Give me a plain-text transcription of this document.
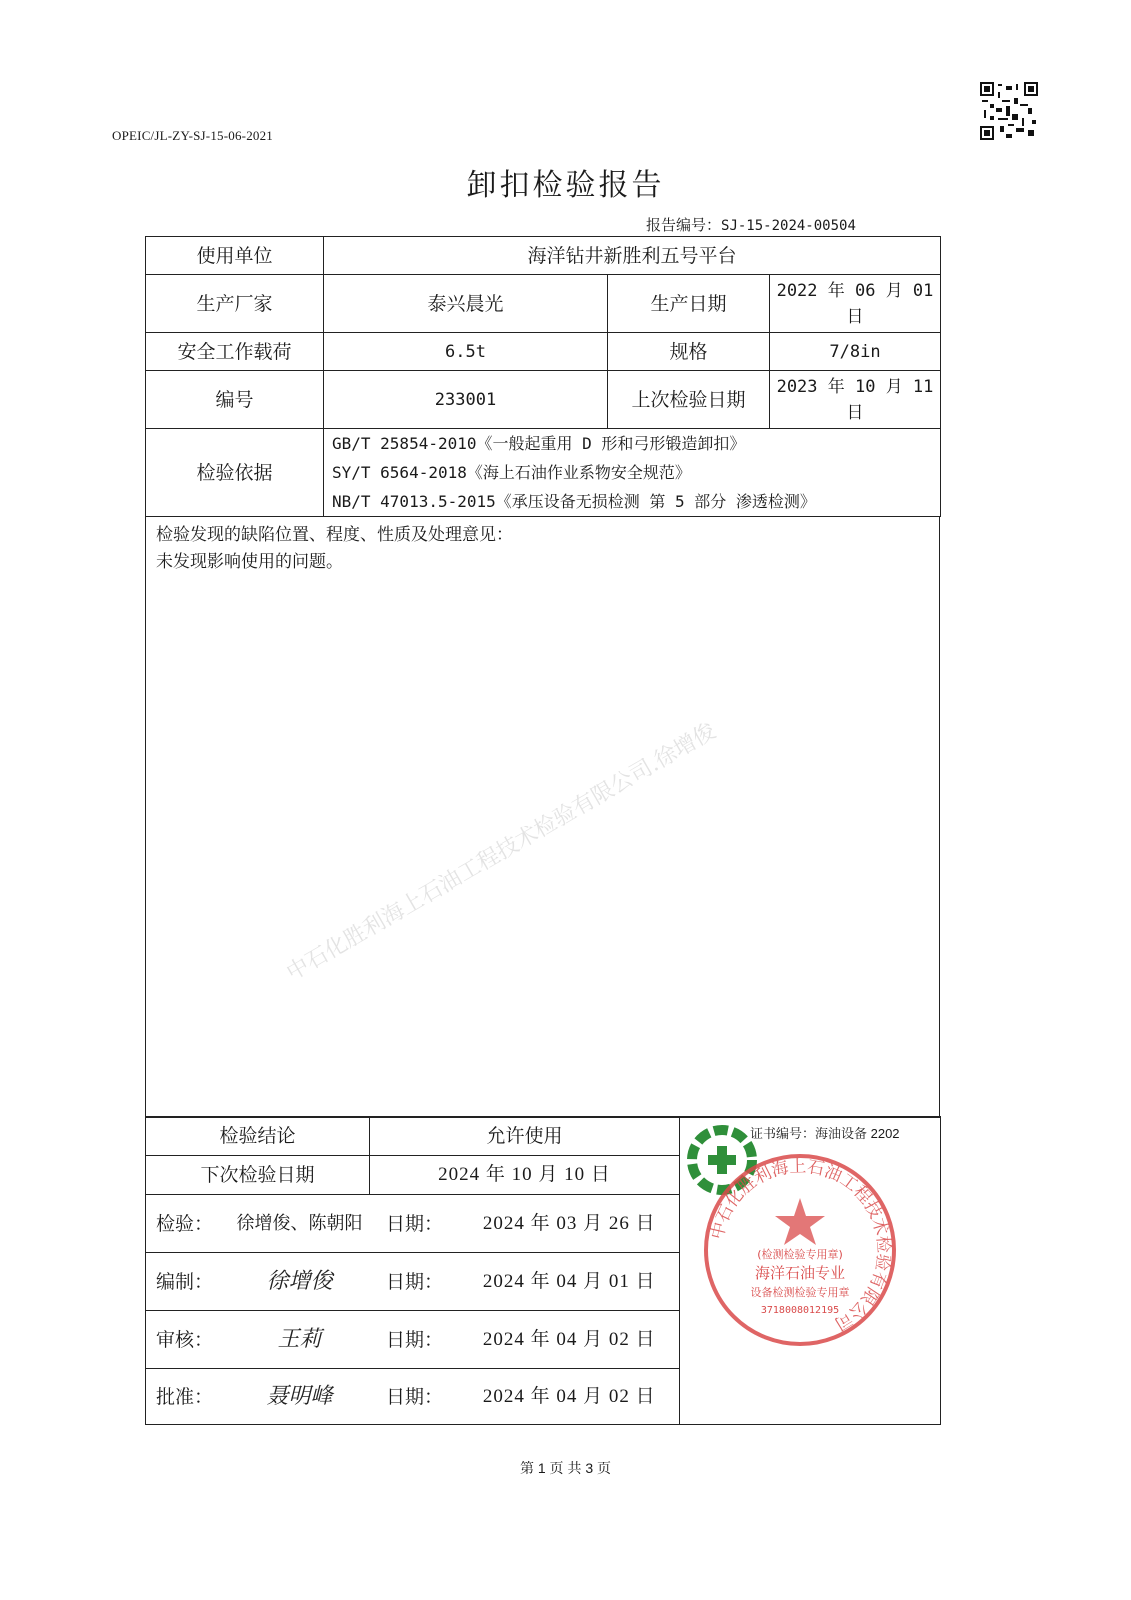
中石化胜利海上石油工程技术检验有限公司.徐增俊
OPEIC/JL-ZY-SJ-15-06-2021
卸扣检验报告
报告编号：SJ-15-2024-00504
使用单位	海洋钻井新胜利五号平台		
生产厂家	泰兴晨光	生产日期	2022 年 06 月 01 日
安全工作载荷	6.5t	规格	7/8in
编号	233001	上次检验日期	2023 年 10 月 11 日
检验依据	GB/T 25854-2010《一般起重用 D 形和弓形锻造卸扣》
SY/T 6564-2018《海上石油作业系物安全规范》
NB/T 47013.5-2015《承压设备无损检测 第 5 部分 渗透检测》		
检验发现的缺陷位置、程度、性质及处理意见：
未发现影响使用的问题。
检验结论		允许使用		
下次检验日期		2024 年 10 月 10 日		
检验：	徐增俊、陈朝阳	日期：	2024 年 03 月 26 日	
编制：	徐增俊	日期：	2024 年 04 月 01 日	
审核：	王莉	日期：	2024 年 04 月 02 日	
批准：	聂明峰	日期：	2024 年 04 月 02 日	
证书编号：海油设备 2202
中石化胜利海上石油工程技术检验有限公司
(检测检验专用章)
海洋石油专业
设备检测检验专用章
3718008012195
第 1 页 共 3 页
